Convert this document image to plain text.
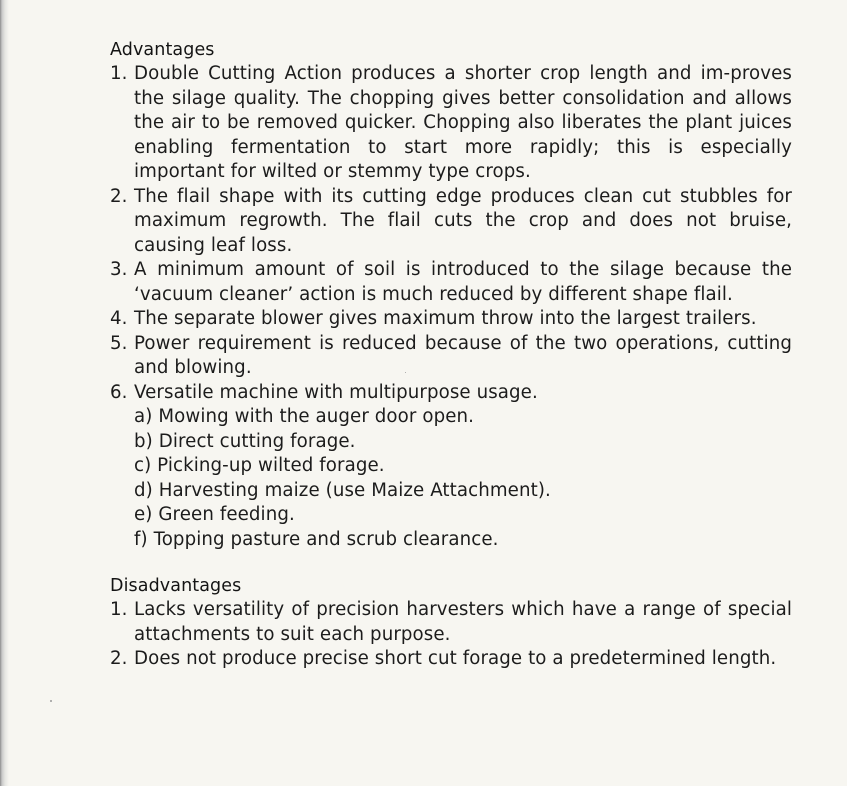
Advantages
1. Double Cutting Action produces a shorter crop length and im-proves the silage quality. The chopping gives better consolidation and allows the air to be removed quicker. Chopping also liberates the plant juices enabling fermentation to start more rapidly; this is especially important for wilted or stemmy type crops.
2. The flail shape with its cutting edge produces clean cut stubbles for maximum regrowth. The flail cuts the crop and does not bruise, causing leaf loss.
3. A minimum amount of soil is introduced to the silage because the ‘vacuum cleaner’ action is much reduced by different shape flail.
4. The separate blower gives maximum throw into the largest trailers.
5. Power requirement is reduced because of the two operations, cutting and blowing.
6. Versatile machine with multipurpose usage.
a) Mowing with the auger door open.
b) Direct cutting forage.
c) Picking-up wilted forage.
d) Harvesting maize (use Maize Attachment).
e) Green feeding.
f) Topping pasture and scrub clearance.
Disadvantages
1. Lacks versatility of precision harvesters which have a range of special attachments to suit each purpose.
2. Does not produce precise short cut forage to a predetermined length.
